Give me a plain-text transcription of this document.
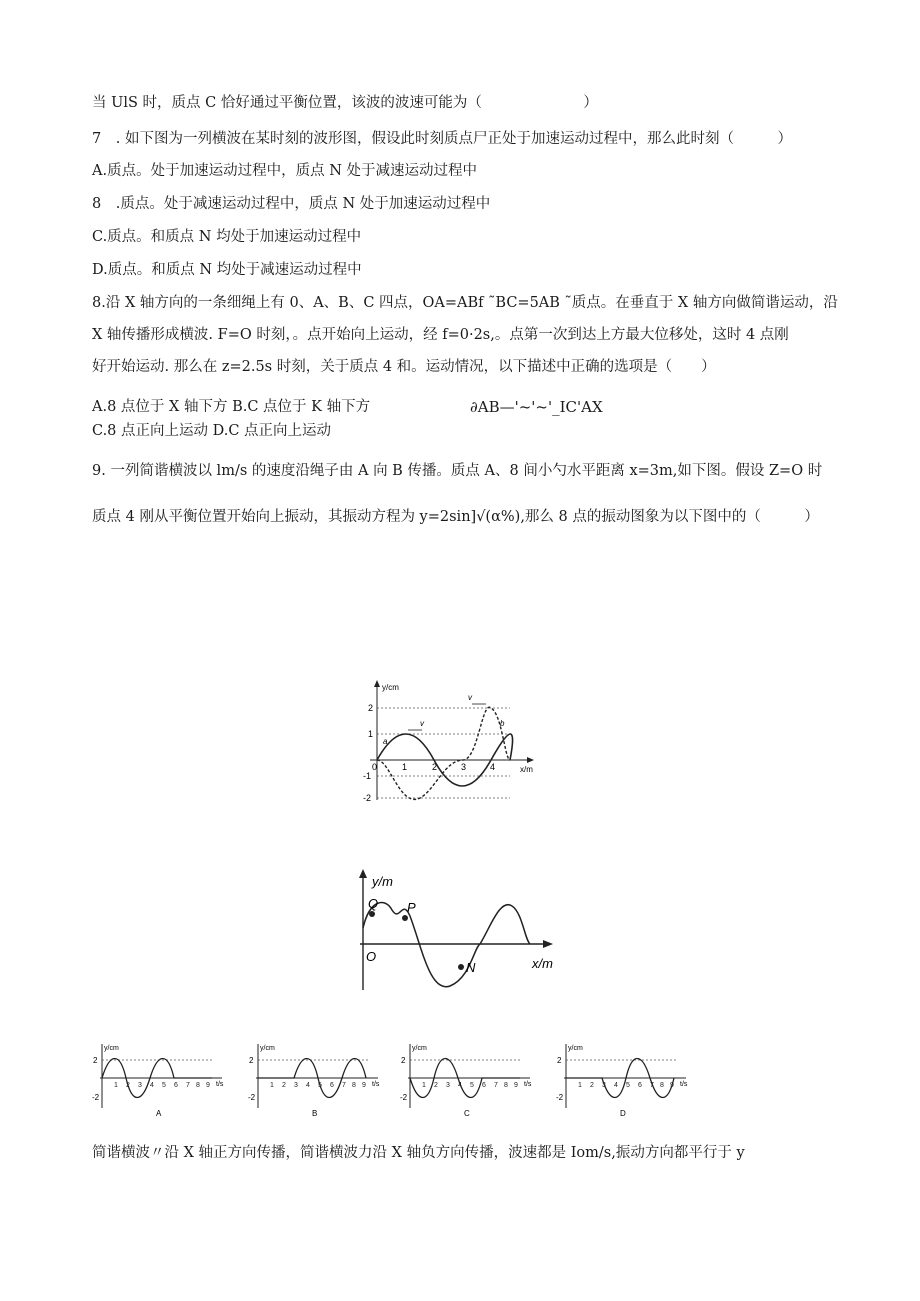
当 UlS 时，质点 C 恰好通过平衡位置，该波的波速可能为（　　　　　　　）
7　. 如下图为一列横波在某时刻的波形图，假设此时刻质点尸正处于加速运动过程中，那么此时刻（　　　）
A.质点。处于加速运动过程中，质点 N 处于减速运动过程中
8　.质点。处于减速运动过程中，质点 N 处于加速运动过程中
C.质点。和质点 N 均处于加速运动过程中
D.质点。和质点 N 均处于减速运动过程中
8.沿 X 轴方向的一条细绳上有 0、A、B、C 四点，OA=ABf ˜BC=5AB ˜质点。在垂直于 X 轴方向做简谐运动，沿
X 轴传播形成横波. F=O 时刻，。点开始向上运动，经 f=0·2s,。点第一次到达上方最大位移处，这时 4 点刚
好开始运动. 那么在 z=2.5s 时刻，关于质点 4 和。运动情况，以下描述中正确的选项是（　　）
A.8 点位于 X 轴下方 B.C 点位于 K 轴下方	∂AB—'~'~'_IC'AX
C.8 点正向上运动 D.C 点正向上运动
9. 一列简谐横波以 lm/s 的速度沿绳子由 A 向 B 传播。质点 A、8 间小勺水平距离 x=3m,如下图。假设 Z=O 时
质点 4 刚从平衡位置开始向上振动，其振动方程为 y=2sin]√(α%),那么 8 点的振动图象为以下图中的（　　　）
y/cm
x/m
2
1
-1
-2
0	1	2	3	4
a
b
v
v
y/m
x/m
O
Q P
N
y/cm
2
-2
t/s
A
1 2 3 4 5 6 7 8 9
y/cm
2
-2
t/s
B
1 2 3 4 5 6 7 8 9
y/cm
2
-2
t/s
C
1 2 3 4 5 6 7 8 9
y/cm
2
-2
t/s
D
1 2 3 4 5 6 7 8 9
简谐横波〃沿 X 轴正方向传播，简谐横波力沿 X 轴负方向传播，波速都是 Iom/s,振动方向都平行于 y
